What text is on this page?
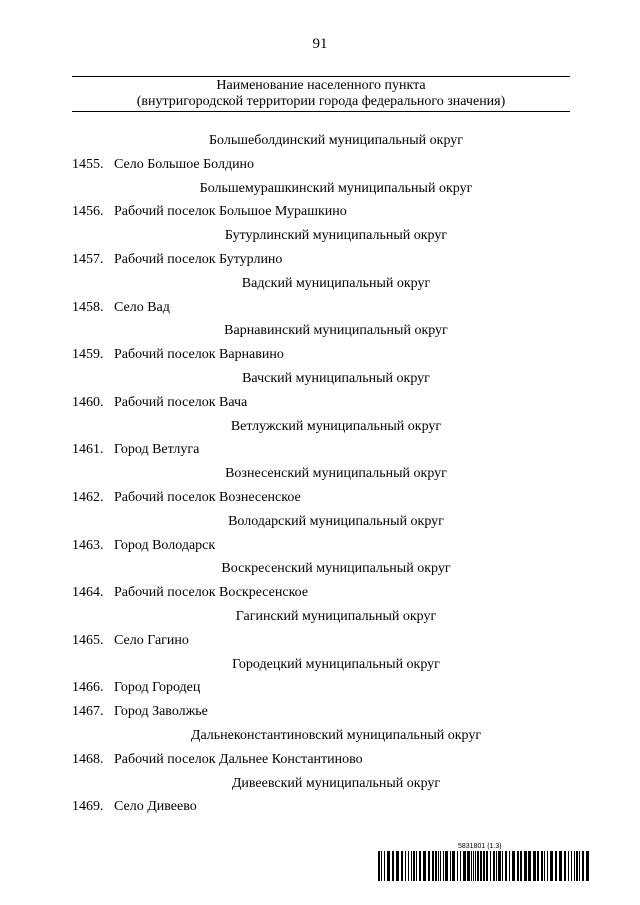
91
Наименование населенного пункта
(внутригородской территории города федерального значения)
Большеболдинский муниципальный округ
1455. Село Большое Болдино
Большемурашкинский муниципальный округ
1456. Рабочий поселок Большое Мурашкино
Бутурлинский муниципальный округ
1457. Рабочий поселок Бутурлино
Вадский муниципальный округ
1458. Село Вад
Варнавинский муниципальный округ
1459. Рабочий поселок Варнавино
Вачский муниципальный округ
1460. Рабочий поселок Вача
Ветлужский муниципальный округ
1461. Город Ветлуга
Вознесенский муниципальный округ
1462. Рабочий поселок Вознесенское
Володарский муниципальный округ
1463. Город Володарск
Воскресенский муниципальный округ
1464. Рабочий поселок Воскресенское
Гагинский муниципальный округ
1465. Село Гагино
Городецкий муниципальный округ
1466. Город Городец
1467. Город Заволжье
Дальнеконстантиновский муниципальный округ
1468. Рабочий поселок Дальнее Константиново
Дивеевский муниципальный округ
1469. Село Дивеево
5831801 (1.3)
